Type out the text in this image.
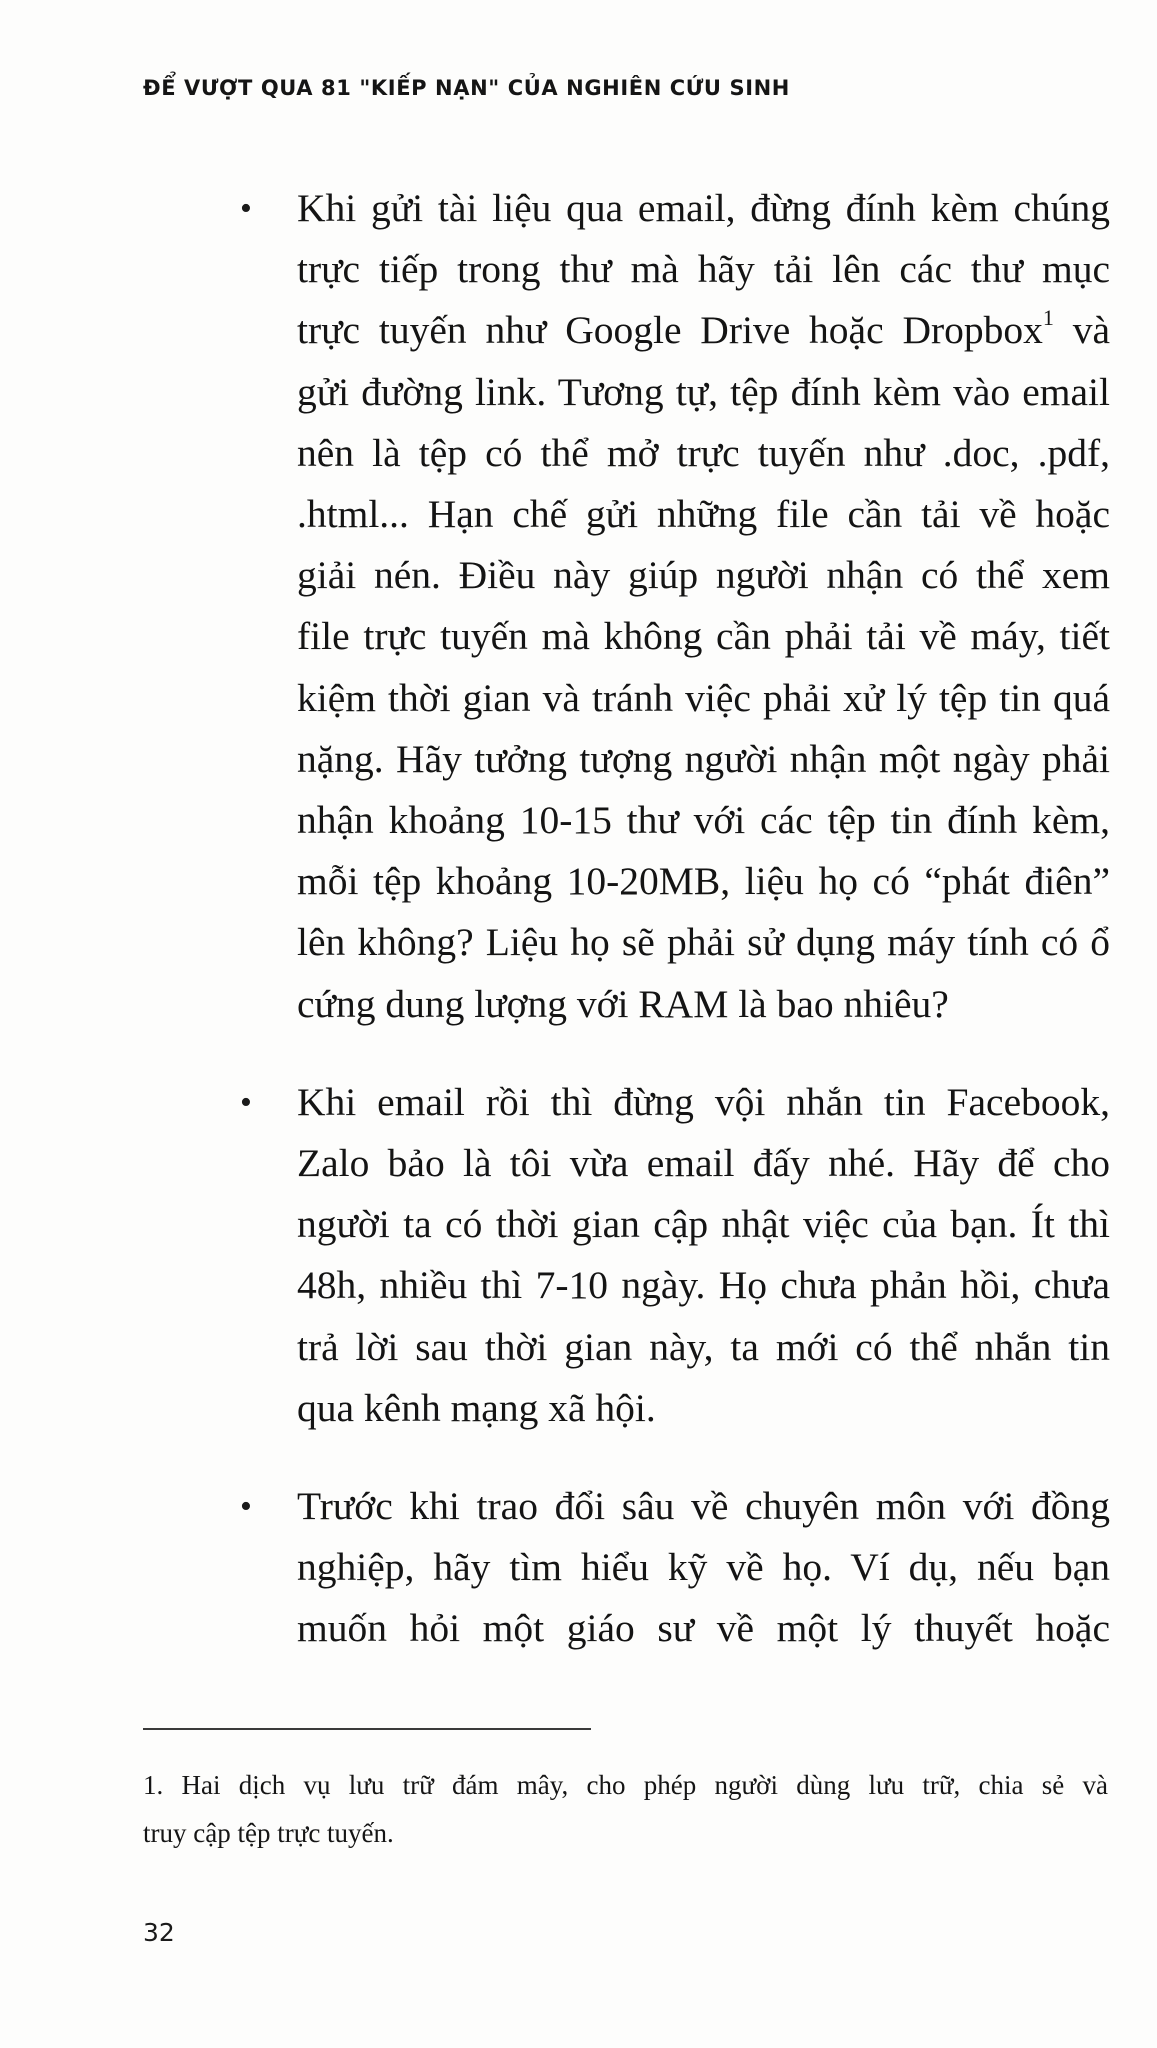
ĐỂ VƯỢT QUA 81 "KIẾP NẠN" CỦA NGHIÊN CỨU SINH
• Khi gửi tài liệu qua email, đừng đính kèm chúng
trực tiếp trong thư mà hãy tải lên các thư mục
trực tuyến như Google Drive hoặc Dropbox$^1$ và
gửi đường link. Tương tự, tệp đính kèm vào email
nên là tệp có thể mở trực tuyến như .doc, .pdf,
.html... Hạn chế gửi những file cần tải về hoặc
giải nén. Điều này giúp người nhận có thể xem
file trực tuyến mà không cần phải tải về máy, tiết
kiệm thời gian và tránh việc phải xử lý tệp tin quá
nặng. Hãy tưởng tượng người nhận một ngày phải
nhận khoảng 10-15 thư với các tệp tin đính kèm,
mỗi tệp khoảng 10-20MB, liệu họ có “phát điên”
lên không? Liệu họ sẽ phải sử dụng máy tính có ổ
cứng dung lượng với RAM là bao nhiêu?
• Khi email rồi thì đừng vội nhắn tin Facebook,
Zalo bảo là tôi vừa email đấy nhé. Hãy để cho
người ta có thời gian cập nhật việc của bạn. Ít thì
48h, nhiều thì 7-10 ngày. Họ chưa phản hồi, chưa
trả lời sau thời gian này, ta mới có thể nhắn tin
qua kênh mạng xã hội.
• Trước khi trao đổi sâu về chuyên môn với đồng
nghiệp, hãy tìm hiểu kỹ về họ. Ví dụ, nếu bạn
muốn hỏi một giáo sư về một lý thuyết hoặc
1. Hai dịch vụ lưu trữ đám mây, cho phép người dùng lưu trữ, chia sẻ và
truy cập tệp trực tuyến.
32
